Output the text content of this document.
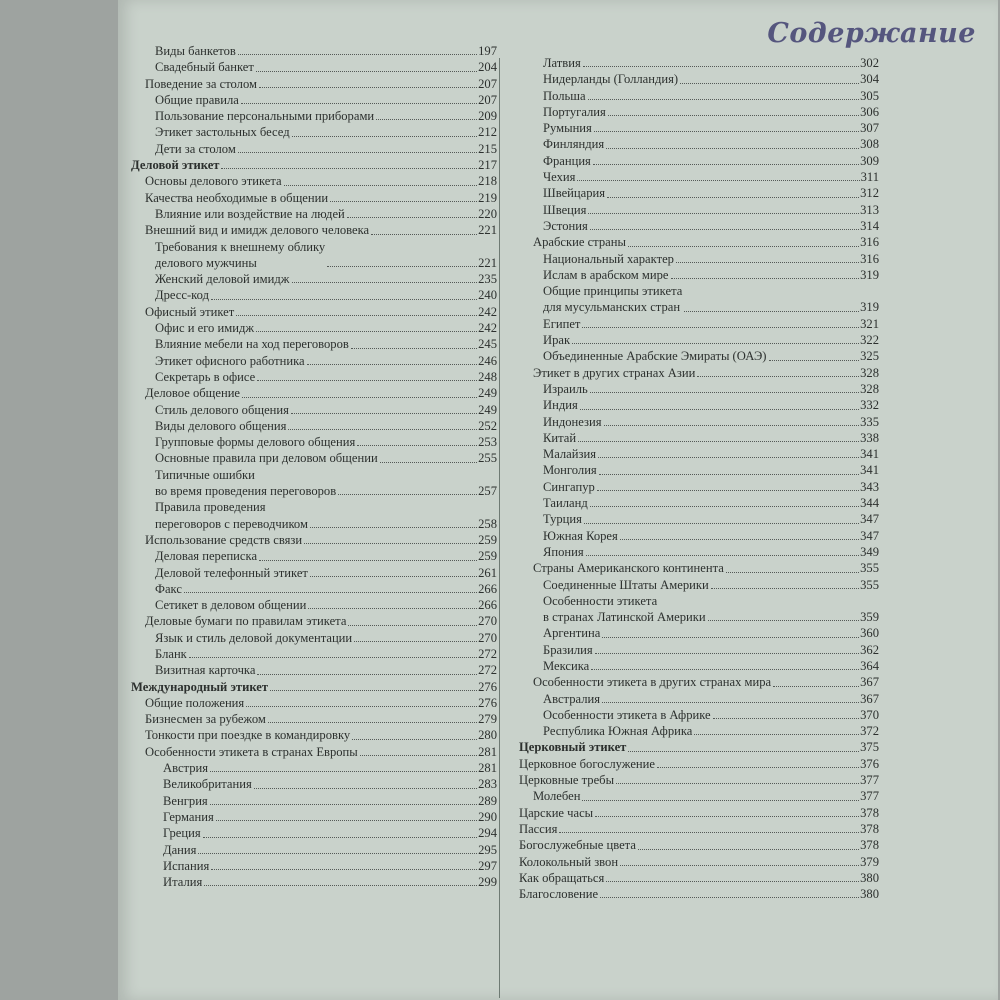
Содержание
Виды банкетов	197
Свадебный банкет	204
Поведение за столом	207
Общие правила	207
Пользование персональными приборами	209
Этикет застольных бесед	212
Дети за столом	215
Деловой этикет	217
Основы делового этикета	218
Качества необходимые в общении	219
Влияние или воздействие на людей	220
Внешний вид и имидж делового человека	221
Требования к внешнему облику
делового мужчины	221
Женский деловой имидж	235
Дресс-код	240
Офисный этикет	242
Офис и его имидж	242
Влияние мебели на ход переговоров	245
Этикет офисного работника	246
Секретарь в офисе	248
Деловое общение	249
Стиль делового общения	249
Виды делового общения	252
Групповые формы делового общения	253
Основные правила при деловом общении	255
Типичные ошибки
во время проведения переговоров	257
Правила проведения
переговоров с переводчиком	258
Использование средств связи	259
Деловая переписка	259
Деловой телефонный этикет	261
Факс	266
Сетикет в деловом общении	266
Деловые бумаги по правилам этикета	270
Язык и стиль деловой документации	270
Бланк	272
Визитная карточка	272
Международный этикет	276
Общие положения	276
Бизнесмен за рубежом	279
Тонкости при поездке в командировку	280
Особенности этикета в странах Европы	281
Австрия	281
Великобритания	283
Венгрия	289
Германия	290
Греция	294
Дания	295
Испания	297
Италия	299
Латвия	302
Нидерланды (Голландия)	304
Польша	305
Португалия	306
Румыния	307
Финляндия	308
Франция	309
Чехия	311
Швейцария	312
Швеция	313
Эстония	314
Арабские страны	316
Национальный характер	316
Ислам в арабском мире	319
Общие принципы этикета
для мусульманских стран	319
Египет	321
Ирак	322
Объединенные Арабские Эмираты (ОАЭ)	325
Этикет в других странах Азии	328
Израиль	328
Индия	332
Индонезия	335
Китай	338
Малайзия	341
Монголия	341
Сингапур	343
Таиланд	344
Турция	347
Южная Корея	347
Япония	349
Страны Американского континента	355
Соединенные Штаты Америки	355
Особенности этикета
в странах Латинской Америки	359
Аргентина	360
Бразилия	362
Мексика	364
Особенности этикета в других странах мира	367
Австралия	367
Особенности этикета в Африке	370
Республика Южная Африка	372
Церковный этикет	375
Церковное богослужение	376
Церковные требы	377
Молебен	377
Царские часы	378
Пассия	378
Богослужебные цвета	378
Колокольный звон	379
Как обращаться	380
Благословение	380
